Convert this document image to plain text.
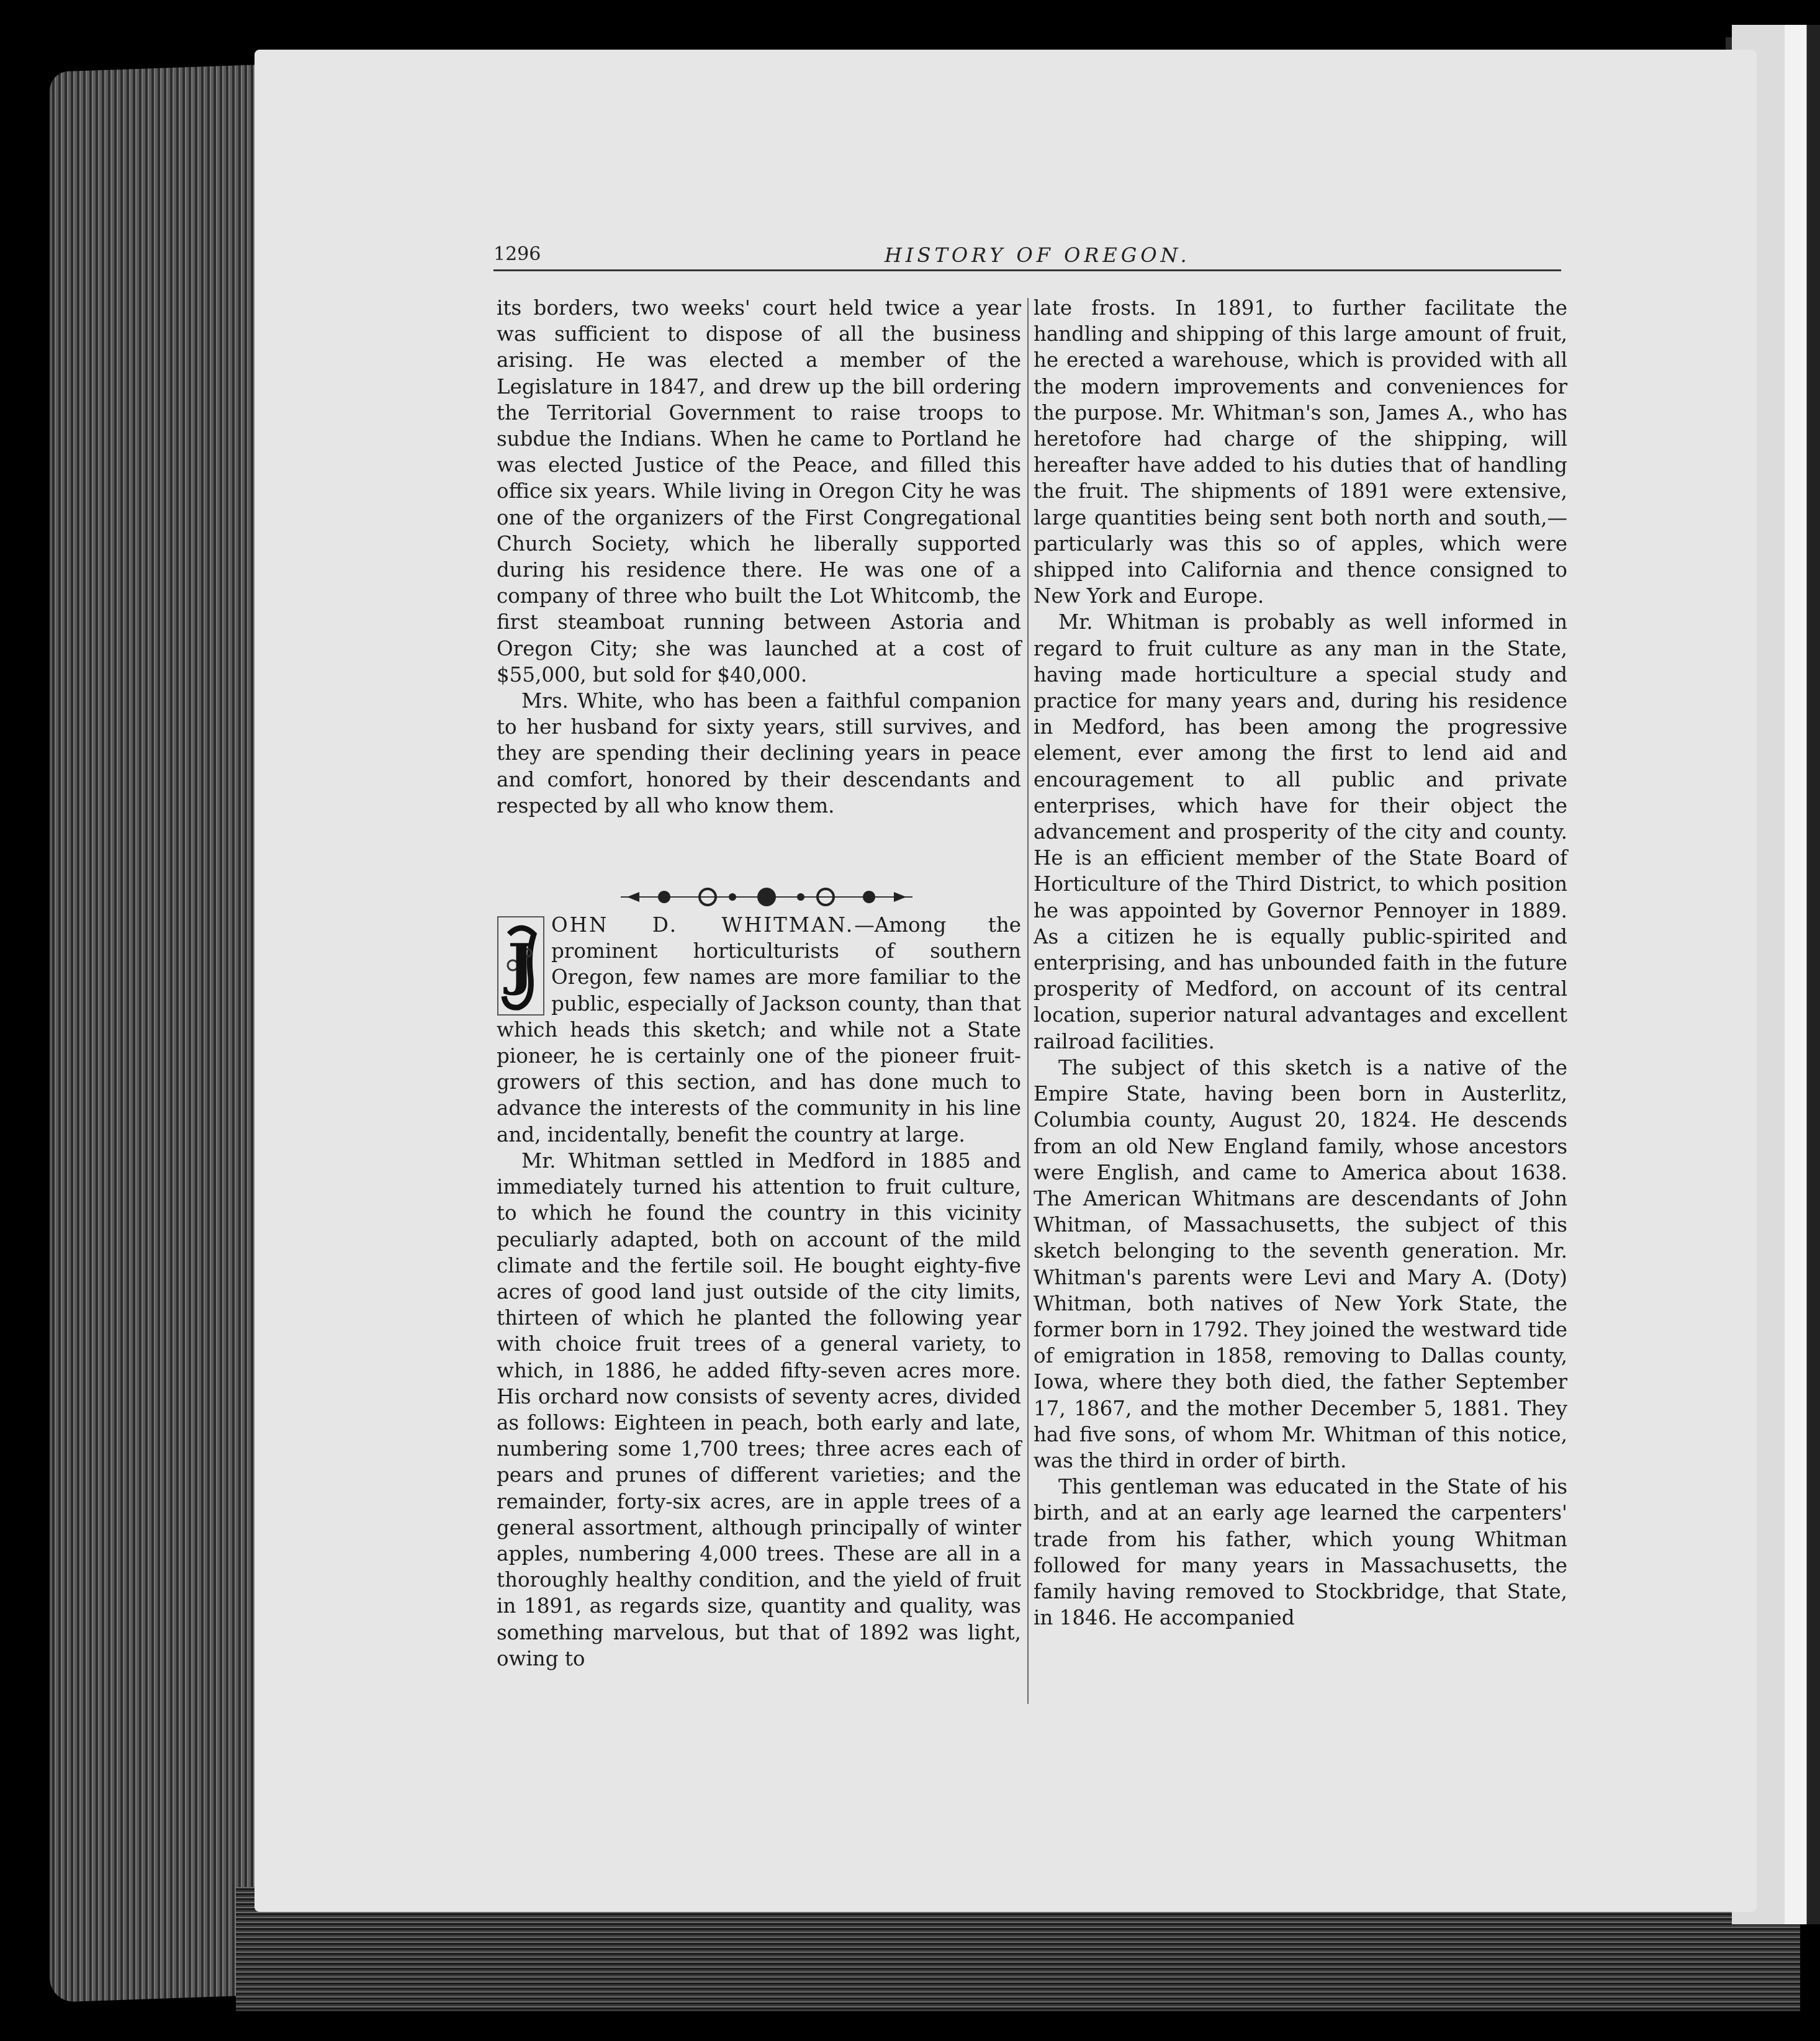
1296	HISTORY OF OREGON.

its borders, two weeks' court held twice a year was sufficient to dispose of all the business arising. He was elected a member of the Legislature in 1847, and drew up the bill ordering the Territorial Government to raise troops to subdue the Indians. When he came to Portland he was elected Justice of the Peace, and filled this office six years. While living in Oregon City he was one of the organizers of the First Congregational Church Society, which he liberally supported during his residence there. He was one of a company of three who built the Lot Whitcomb, the first steamboat running between Astoria and Oregon City; she was launched at a cost of $55,000, but sold for $40,000.

Mrs. White, who has been a faithful companion to her husband for sixty years, still survives, and they are spending their declining years in peace and comfort, honored by their descendants and respected by all who know them.

J
OHN D. WHITMAN.—Among the prominent horticulturists of southern Oregon, few names are more familiar to the public, especially of Jackson county, than that which heads this sketch; and while not a State pioneer, he is certainly one of the pioneer fruit-growers of this section, and has done much to advance the interests of the community in his line and, incidentally, benefit the country at large.

Mr. Whitman settled in Medford in 1885 and immediately turned his attention to fruit culture, to which he found the country in this vicinity peculiarly adapted, both on account of the mild climate and the fertile soil. He bought eighty-five acres of good land just outside of the city limits, thirteen of which he planted the following year with choice fruit trees of a general variety, to which, in 1886, he added fifty-seven acres more. His orchard now consists of seventy acres, divided as follows: Eighteen in peach, both early and late, numbering some 1,700 trees; three acres each of pears and prunes of different varieties; and the remainder, forty-six acres, are in apple trees of a general assortment, although principally of winter apples, numbering 4,000 trees. These are all in a thoroughly healthy condition, and the yield of fruit in 1891, as regards size, quantity and quality, was something marvelous, but that of 1892 was light, owing to

late frosts. In 1891, to further facilitate the handling and shipping of this large amount of fruit, he erected a warehouse, which is provided with all the modern improvements and conveniences for the purpose. Mr. Whitman's son, James A., who has heretofore had charge of the shipping, will hereafter have added to his duties that of handling the fruit. The shipments of 1891 were extensive, large quantities being sent both north and south,—particularly was this so of apples, which were shipped into California and thence consigned to New York and Europe.

Mr. Whitman is probably as well informed in regard to fruit culture as any man in the State, having made horticulture a special study and practice for many years and, during his residence in Medford, has been among the progressive element, ever among the first to lend aid and encouragement to all public and private enterprises, which have for their object the advancement and prosperity of the city and county. He is an efficient member of the State Board of Horticulture of the Third District, to which position he was appointed by Governor Pennoyer in 1889. As a citizen he is equally public-spirited and enterprising, and has unbounded faith in the future prosperity of Medford, on account of its central location, superior natural advantages and excellent railroad facilities.

The subject of this sketch is a native of the Empire State, having been born in Austerlitz, Columbia county, August 20, 1824. He descends from an old New England family, whose ancestors were English, and came to America about 1638. The American Whitmans are descendants of John Whitman, of Massachusetts, the subject of this sketch belonging to the seventh generation. Mr. Whitman's parents were Levi and Mary A. (Doty) Whitman, both natives of New York State, the former born in 1792. They joined the westward tide of emigration in 1858, removing to Dallas county, Iowa, where they both died, the father September 17, 1867, and the mother December 5, 1881. They had five sons, of whom Mr. Whitman of this notice, was the third in order of birth.

This gentleman was educated in the State of his birth, and at an early age learned the carpenters' trade from his father, which young Whitman followed for many years in Massachusetts, the family having removed to Stockbridge, that State, in 1846. He accompanied
